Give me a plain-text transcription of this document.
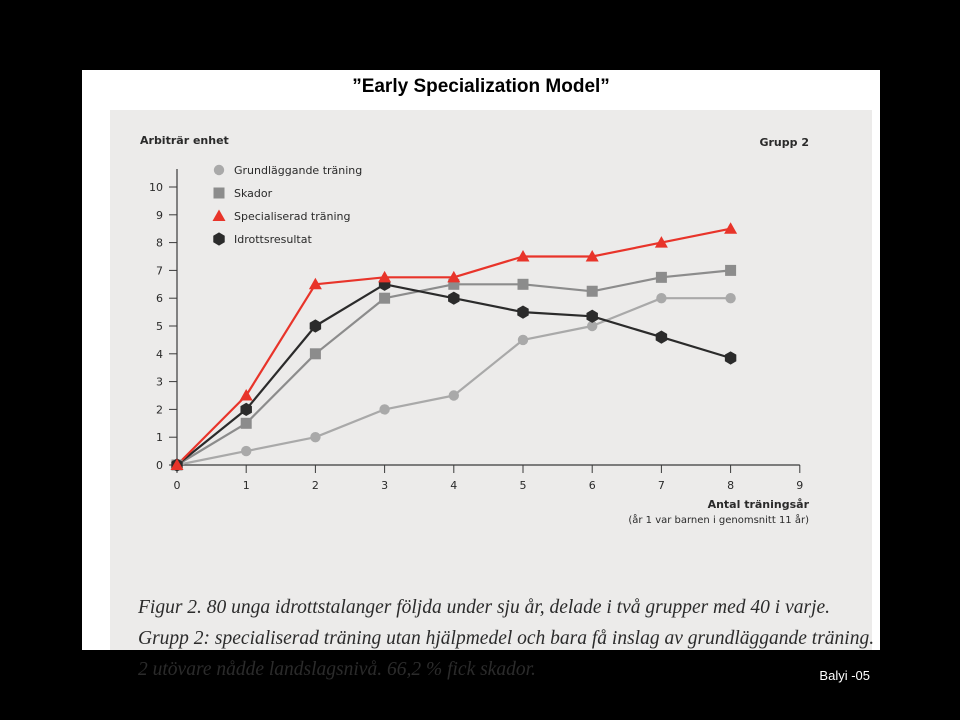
”Early Specialization Model”
0
1
2
3
4
5
6
7
8
9
10
0	1	2	3	4	5	6	7	8	9
Arbiträr enhet	Grupp 2
Antal träningsår
(år 1 var barnen i genomsnitt 11 år)
Grundläggande träning
Skador
Specialiserad träning
Idrottsresultat
Figur 2. 80 unga idrottstalanger följda under sju år, delade i två grupper med 40 i varje.
Grupp 2: specialiserad träning utan hjälpmedel och bara få inslag av grundläggande träning.
2 utövare nådde landslagsnivå. 66,2 % fick skador.	Balyi -05
